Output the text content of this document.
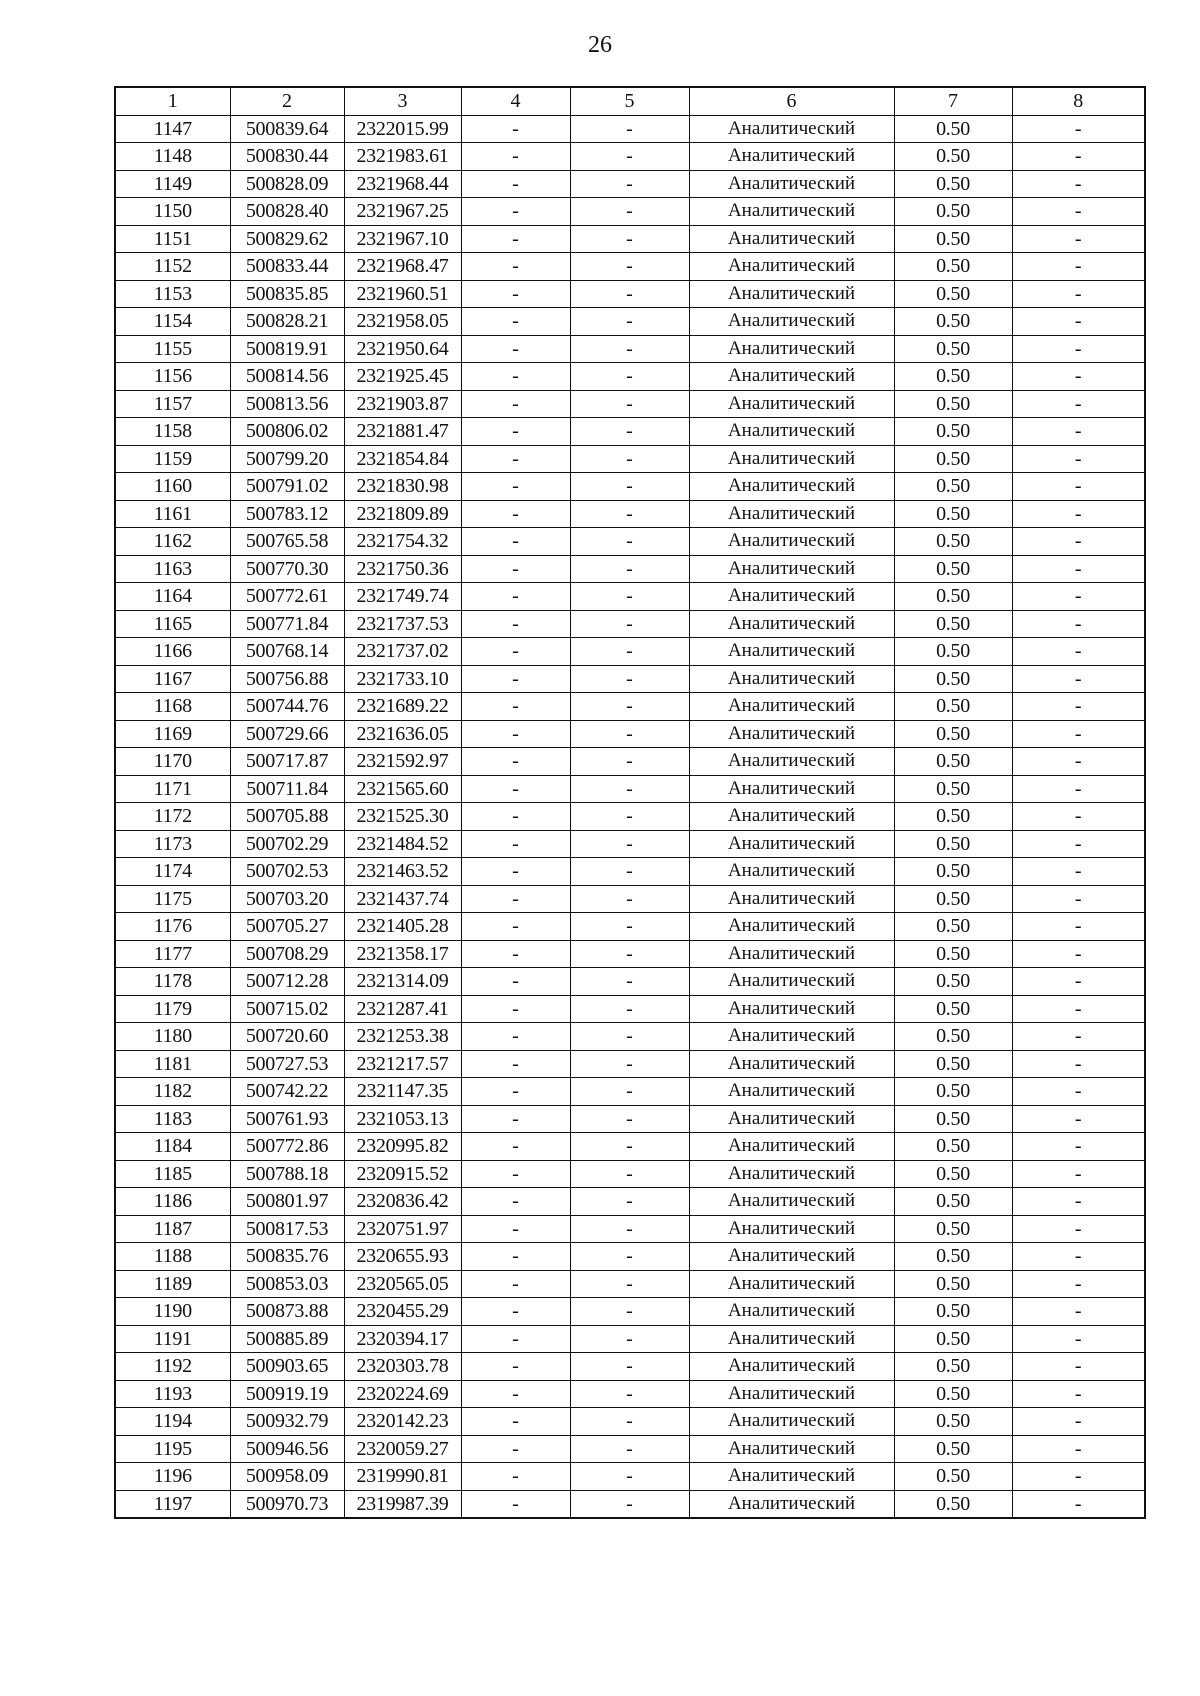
26
1	2	3	4	5	6	7	8
1147	500839.64	2322015.99	-	-	Аналитический	0.50	-
1148	500830.44	2321983.61	-	-	Аналитический	0.50	-
1149	500828.09	2321968.44	-	-	Аналитический	0.50	-
1150	500828.40	2321967.25	-	-	Аналитический	0.50	-
1151	500829.62	2321967.10	-	-	Аналитический	0.50	-
1152	500833.44	2321968.47	-	-	Аналитический	0.50	-
1153	500835.85	2321960.51	-	-	Аналитический	0.50	-
1154	500828.21	2321958.05	-	-	Аналитический	0.50	-
1155	500819.91	2321950.64	-	-	Аналитический	0.50	-
1156	500814.56	2321925.45	-	-	Аналитический	0.50	-
1157	500813.56	2321903.87	-	-	Аналитический	0.50	-
1158	500806.02	2321881.47	-	-	Аналитический	0.50	-
1159	500799.20	2321854.84	-	-	Аналитический	0.50	-
1160	500791.02	2321830.98	-	-	Аналитический	0.50	-
1161	500783.12	2321809.89	-	-	Аналитический	0.50	-
1162	500765.58	2321754.32	-	-	Аналитический	0.50	-
1163	500770.30	2321750.36	-	-	Аналитический	0.50	-
1164	500772.61	2321749.74	-	-	Аналитический	0.50	-
1165	500771.84	2321737.53	-	-	Аналитический	0.50	-
1166	500768.14	2321737.02	-	-	Аналитический	0.50	-
1167	500756.88	2321733.10	-	-	Аналитический	0.50	-
1168	500744.76	2321689.22	-	-	Аналитический	0.50	-
1169	500729.66	2321636.05	-	-	Аналитический	0.50	-
1170	500717.87	2321592.97	-	-	Аналитический	0.50	-
1171	500711.84	2321565.60	-	-	Аналитический	0.50	-
1172	500705.88	2321525.30	-	-	Аналитический	0.50	-
1173	500702.29	2321484.52	-	-	Аналитический	0.50	-
1174	500702.53	2321463.52	-	-	Аналитический	0.50	-
1175	500703.20	2321437.74	-	-	Аналитический	0.50	-
1176	500705.27	2321405.28	-	-	Аналитический	0.50	-
1177	500708.29	2321358.17	-	-	Аналитический	0.50	-
1178	500712.28	2321314.09	-	-	Аналитический	0.50	-
1179	500715.02	2321287.41	-	-	Аналитический	0.50	-
1180	500720.60	2321253.38	-	-	Аналитический	0.50	-
1181	500727.53	2321217.57	-	-	Аналитический	0.50	-
1182	500742.22	2321147.35	-	-	Аналитический	0.50	-
1183	500761.93	2321053.13	-	-	Аналитический	0.50	-
1184	500772.86	2320995.82	-	-	Аналитический	0.50	-
1185	500788.18	2320915.52	-	-	Аналитический	0.50	-
1186	500801.97	2320836.42	-	-	Аналитический	0.50	-
1187	500817.53	2320751.97	-	-	Аналитический	0.50	-
1188	500835.76	2320655.93	-	-	Аналитический	0.50	-
1189	500853.03	2320565.05	-	-	Аналитический	0.50	-
1190	500873.88	2320455.29	-	-	Аналитический	0.50	-
1191	500885.89	2320394.17	-	-	Аналитический	0.50	-
1192	500903.65	2320303.78	-	-	Аналитический	0.50	-
1193	500919.19	2320224.69	-	-	Аналитический	0.50	-
1194	500932.79	2320142.23	-	-	Аналитический	0.50	-
1195	500946.56	2320059.27	-	-	Аналитический	0.50	-
1196	500958.09	2319990.81	-	-	Аналитический	0.50	-
1197	500970.73	2319987.39	-	-	Аналитический	0.50	-
